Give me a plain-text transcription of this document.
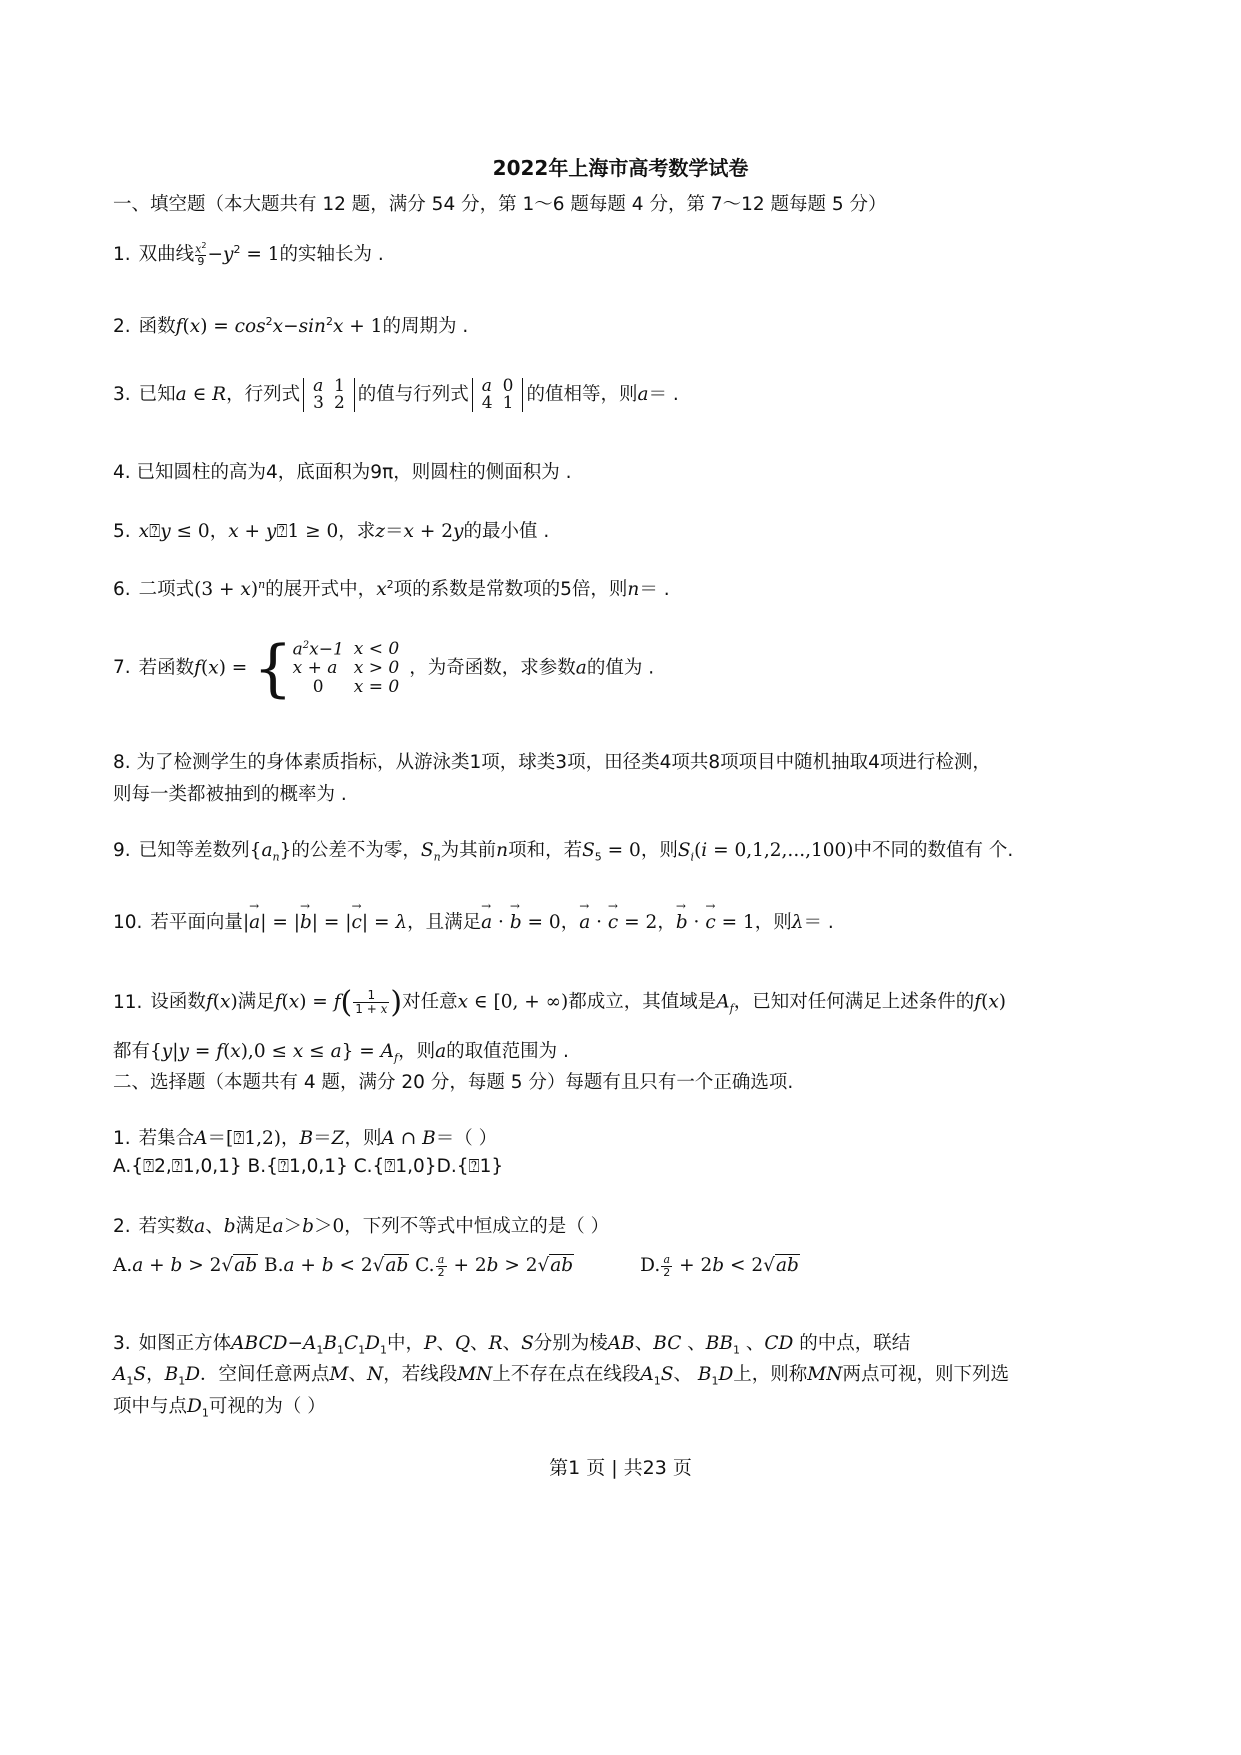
2022年上海市高考数学试卷
一、填空题（本大题共有 12 题，满分 54 分，第 1～6 题每题 4 分，第 7～12 题每题 5 分）
1. 双曲线 $\frac{x^2}{9} -y^2 = 1$的实轴长为 .
2. 函数$f(x) = \cos^2x-\sin^2x + 1$的周期为 .
3. 已知a ∈ R，行列式 a	1
3	2 的值与行列式 a	0
4	1 的值相等，则a＝ .
4. 已知圆柱的高为4，底面积为9π，则圆柱的侧面积为 .
5. x⍰y ≤ 0，x + y⍰1 ≥ 0，求z＝x + 2y的最小值 .
6. 二项式$(3 + x)^n$的展开式中，$x^2$项的系数是常数项的5倍，则n＝ .
7. 若函数f(x) = { $a^2x-1$	x < 0
x + a	x > 0
0	x = 0，为奇函数，求参数a的值为 .
8. 为了检测学生的身体素质指标，从游泳类1项，球类3项，田径类4项共8项项目中随机抽取4项进行检测，
则每一类都被抽到的概率为 .
9. 已知等差数列$\{a_n\}$的公差不为零，$S_n$为其前n项和，若$S_5 = 0$，则$S_i(i = 0,1,2,...,100)$中不同的数值有 个.
10. 若平面向量|→ a| = |→ b| = |→ c| = λ，且满足→ a · → b = 0，→ a · → c = 2，→ b · → c = 1，则λ＝ .
11. 设函数f(x)满足$f(x) = f( \frac{1}{1 + x}$ )对任意x ∈ [0, + ∞)都成立，其值域是$A_f$，已知对任何满足上述条件的f(x)
都有$\{y|y = f(x),0 \le x \le a\} = A_f$，则a的取值范围为 .
二、选择题（本题共有 4 题，满分 20 分，每题 5 分）每题有且只有一个正确选项.
1. 若集合A＝[⍰1,2)，B＝Z，则A ∩ B＝（ ）
A.{⍰2,⍰1,0,1} B.{⍰1,0,1} C.{⍰1,0}D.{⍰1}
2. 若实数a、b满足a＞b＞0，下列不等式中恒成立的是（ ）
A.a + b > 2√ab B.a + b < 2√ab C. $\frac{a}{2} + 2b > 2√ab$	D. $\frac{a}{2} + 2b < 2√ab$
3. 如图正方体$ABCD-A_1B_1C_1D_1$中，P、Q、R、S分别为棱AB、BC 、$BB_1$ 、CD 的中点，联结
$A_1S$，$B_1D$．空间任意两点M、N，若线段MN上不存在点在线段$A_1S$、 $B_1D$上，则称MN两点可视，则下列选
项中与点$D_1$可视的为（ ）
第1 页 | 共23 页
